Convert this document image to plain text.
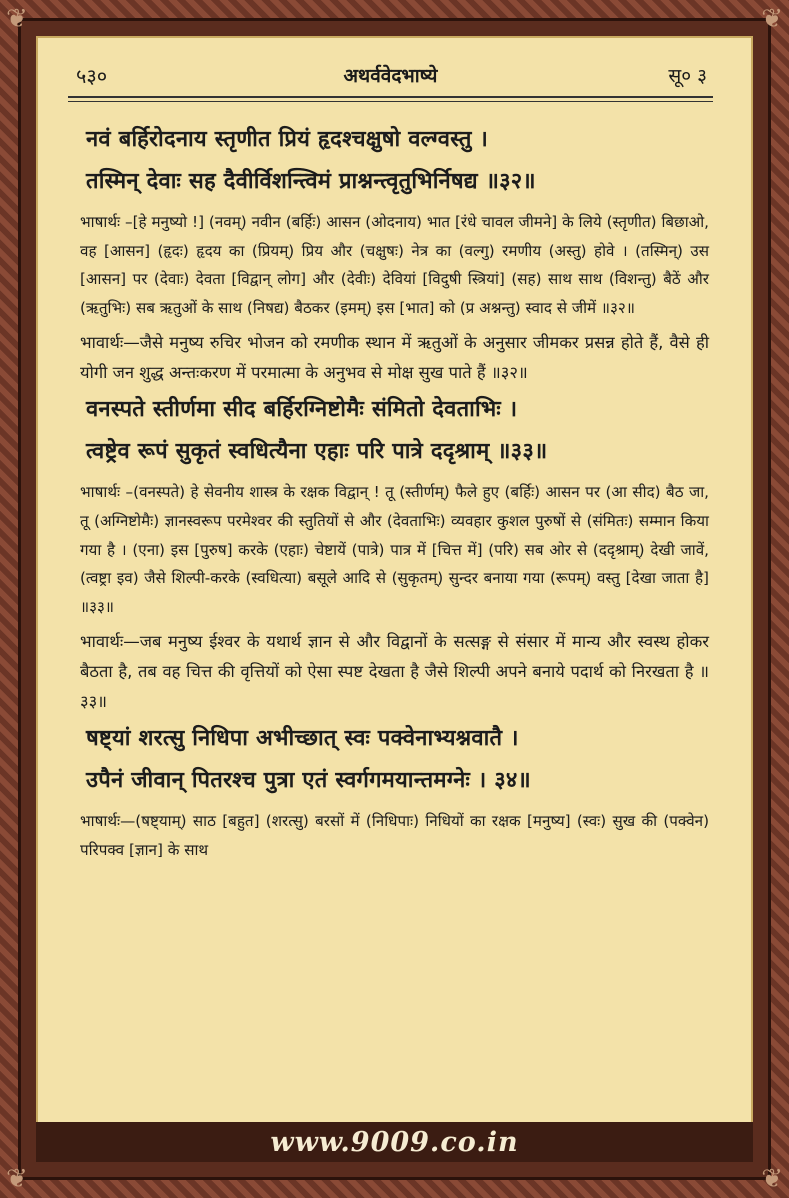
❦	❦
❦	❦
५३०	अथर्ववेदभाष्ये	सू० ३
नवं बर्हिरोदनाय स्तृणीत प्रियं हृदश्चक्षुषो वल्ग्वस्तु ।
तस्मिन् देवाः सह दैवीर्विशन्त्विमं प्राश्नन्त्वृतुभिर्निषद्य ॥३२॥

भाषार्थः –[हे मनुष्यो !] (नवम्) नवीन (बर्हिः) आसन (ओदनाय) भात [रंधे चावल जीमने] के लिये (स्तृणीत) बिछाओ, वह [आसन] (हृदः) हृदय का (प्रियम्) प्रिय और (चक्षुषः) नेत्र का (वल्गु) रमणीय (अस्तु) होवे । (तस्मिन्) उस [आसन] पर (देवाः) देवता [विद्वान् लोग] और (देवीः) देवियां [विदुषी स्त्रियां] (सह) साथ साथ (विशन्तु) बैठें और (ऋतुभिः) सब ऋतुओं के साथ (निषद्य) बैठकर (इमम्) इस [भात] को (प्र अश्नन्तु) स्वाद से जीमें ॥३२॥

भावार्थः—जैसे मनुष्य रुचिर भोजन को रमणीक स्थान में ऋतुओं के अनुसार जीमकर प्रसन्न होते हैं, वैसे ही योगी जन शुद्ध अन्तःकरण में परमात्मा के अनुभव से मोक्ष सुख पाते हैं ॥३२॥

वनस्पते स्तीर्णमा सीद बर्हिरग्निष्टोमैः संमितो देवताभिः ।
त्वष्ट्रेव रूपं सुकृतं स्वधित्यैना एहाः परि पात्रे ददृश्राम् ॥३३॥

भाषार्थः –(वनस्पते) हे सेवनीय शास्त्र के रक्षक विद्वान् ! तू (स्तीर्णम्) फैले हुए (बर्हिः) आसन पर (आ सीद) बैठ जा, तू (अग्निष्टोमैः) ज्ञानस्वरूप परमेश्वर की स्तुतियों से और (देवताभिः) व्यवहार कुशल पुरुषों से (संमितः) सम्मान किया गया है । (एना) इस [पुरुष] करके (एहाः) चेष्टायें (पात्रे) पात्र में [चित्त में] (परि) सब ओर से (ददृश्राम्) देखी जावें, (त्वष्ट्रा इव) जैसे शिल्पी-करके (स्वधित्या) बसूले आदि से (सुकृतम्) सुन्दर बनाया गया (रूपम्) वस्तु [देखा जाता है] ॥३३॥

भावार्थः—जब मनुष्य ईश्वर के यथार्थ ज्ञान से और विद्वानों के सत्सङ्ग से संसार में मान्य और स्वस्थ होकर बैठता है, तब वह चित्त की वृत्तियों को ऐसा स्पष्ट देखता है जैसे शिल्पी अपने बनाये पदार्थ को निरखता है ॥३३॥

षष्ट्यां शरत्सु निधिपा अभीच्छात् स्वः पक्वेनाभ्यश्नवातै ।
उपैनं जीवान् पितरश्च पुत्रा एतं स्वर्गगमयान्तमग्नेः । ३४॥

भाषार्थः—(षष्ट्याम्) साठ [बहुत] (शरत्सु) बरसों में (निधिपाः) निधियों का रक्षक [मनुष्य] (स्वः) सुख की (पक्वेन) परिपक्व [ज्ञान] के साथ

www.9009.co.in
